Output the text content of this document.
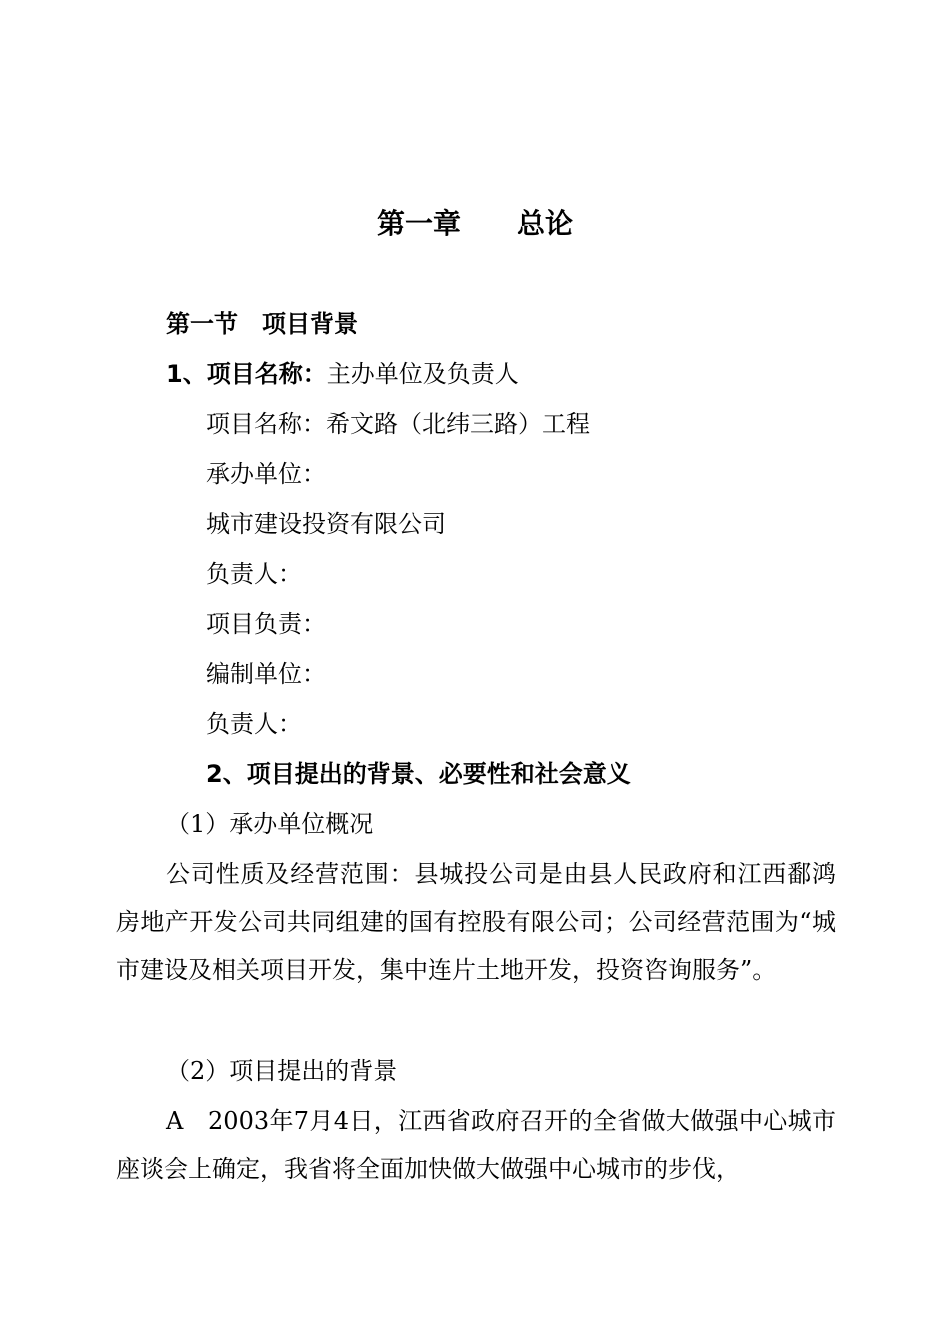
第一章 总论
第一节　项目背景
1、项目名称：主办单位及负责人
项目名称：希文路（北纬三路）工程
承办单位：
城市建设投资有限公司
负责人：
项目负责：
编制单位：
负责人：
2、项目提出的背景、必要性和社会意义
（1）承办单位概况
公司性质及经营范围：县城投公司是由县人民政府和江西鄱鸿房地产开发公司共同组建的国有控股有限公司；公司经营范围为“城市建设及相关项目开发，集中连片土地开发，投资咨询服务”。
（2）项目提出的背景
A　2003年7月4日，江西省政府召开的全省做大做强中心城市座谈会上确定，我省将全面加快做大做强中心城市的步伐，
